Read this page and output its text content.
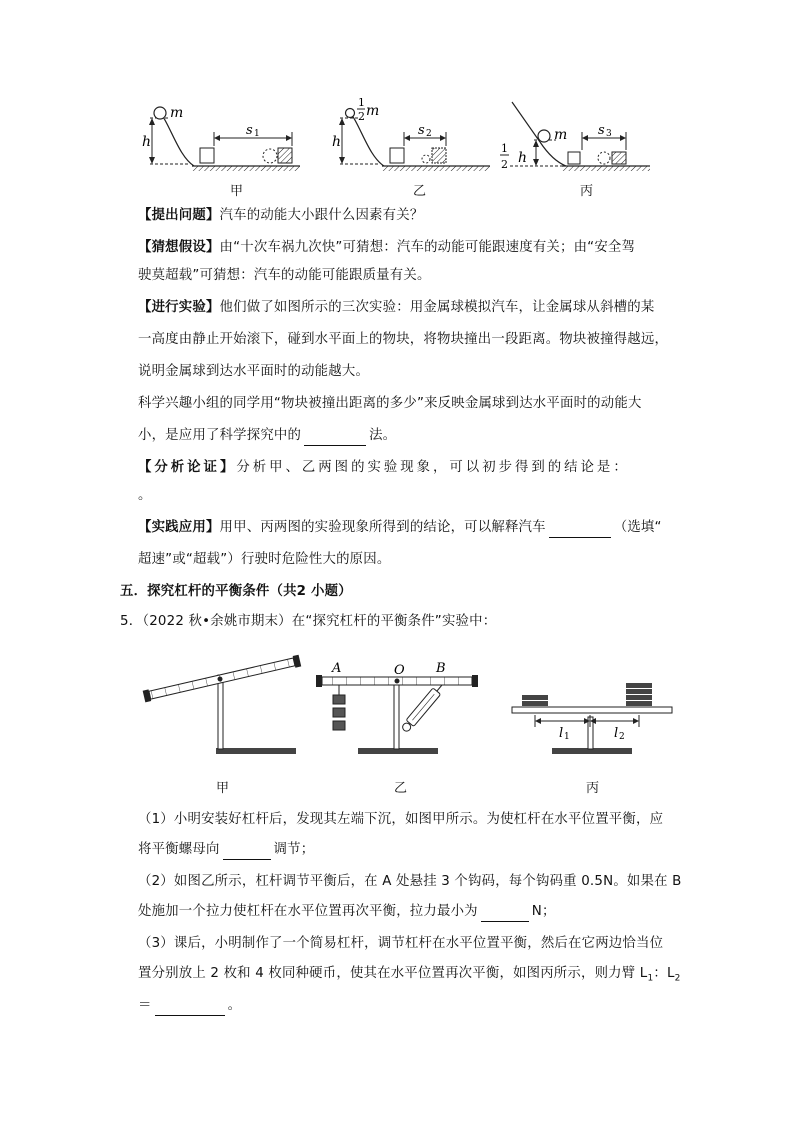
h
m
s 1	h
1
2 m
s 2	m
1
2 h
s 3
甲	乙	丙
【提出问题】汽车的动能大小跟什么因素有关？
【猜想假设】由“十次车祸九次快”可猜想：汽车的动能可能跟速度有关；由“安全驾
驶莫超载”可猜想：汽车的动能可能跟质量有关。
【进行实验】他们做了如图所示的三次实验：用金属球模拟汽车，让金属球从斜槽的某
一高度由静止开始滚下，碰到水平面上的物块，将物块撞出一段距离。物块被撞得越远，
说明金属球到达水平面时的动能越大。
科学兴趣小组的同学用“物块被撞出距离的多少”来反映金属球到达水平面时的动能大
小，是应用了科学探究中的	法。
【分析论证】分析甲、乙两图的实验现象，可以初步得到的结论是：
。
【实践应用】用甲、丙两图的实验现象所得到的结论，可以解释汽车	（选填“
超速”或“超载”）行驶时危险性大的原因。
五．探究杠杆的平衡条件（共2 小题）
5．（2022 秋•余姚市期末）在“探究杠杆的平衡条件”实验中：
A	O B
l 1	l 2
甲	乙	丙
（1）小明安装好杠杆后，发现其左端下沉，如图甲所示。为使杠杆在水平位置平衡，应
将平衡螺母向	调节；
（2）如图乙所示，杠杆调节平衡后，在 A 处悬挂 3 个钩码，每个钩码重 0.5N。如果在 B
处施加一个拉力使杠杆在水平位置再次平衡，拉力最小为	N；
（3）课后，小明制作了一个简易杠杆，调节杠杆在水平位置平衡，然后在它两边恰当位
置分别放上 2 枚和 4 枚同种硬币，使其在水平位置再次平衡，如图丙所示，则力臂 $L_1$：$L_2$
＝	。
